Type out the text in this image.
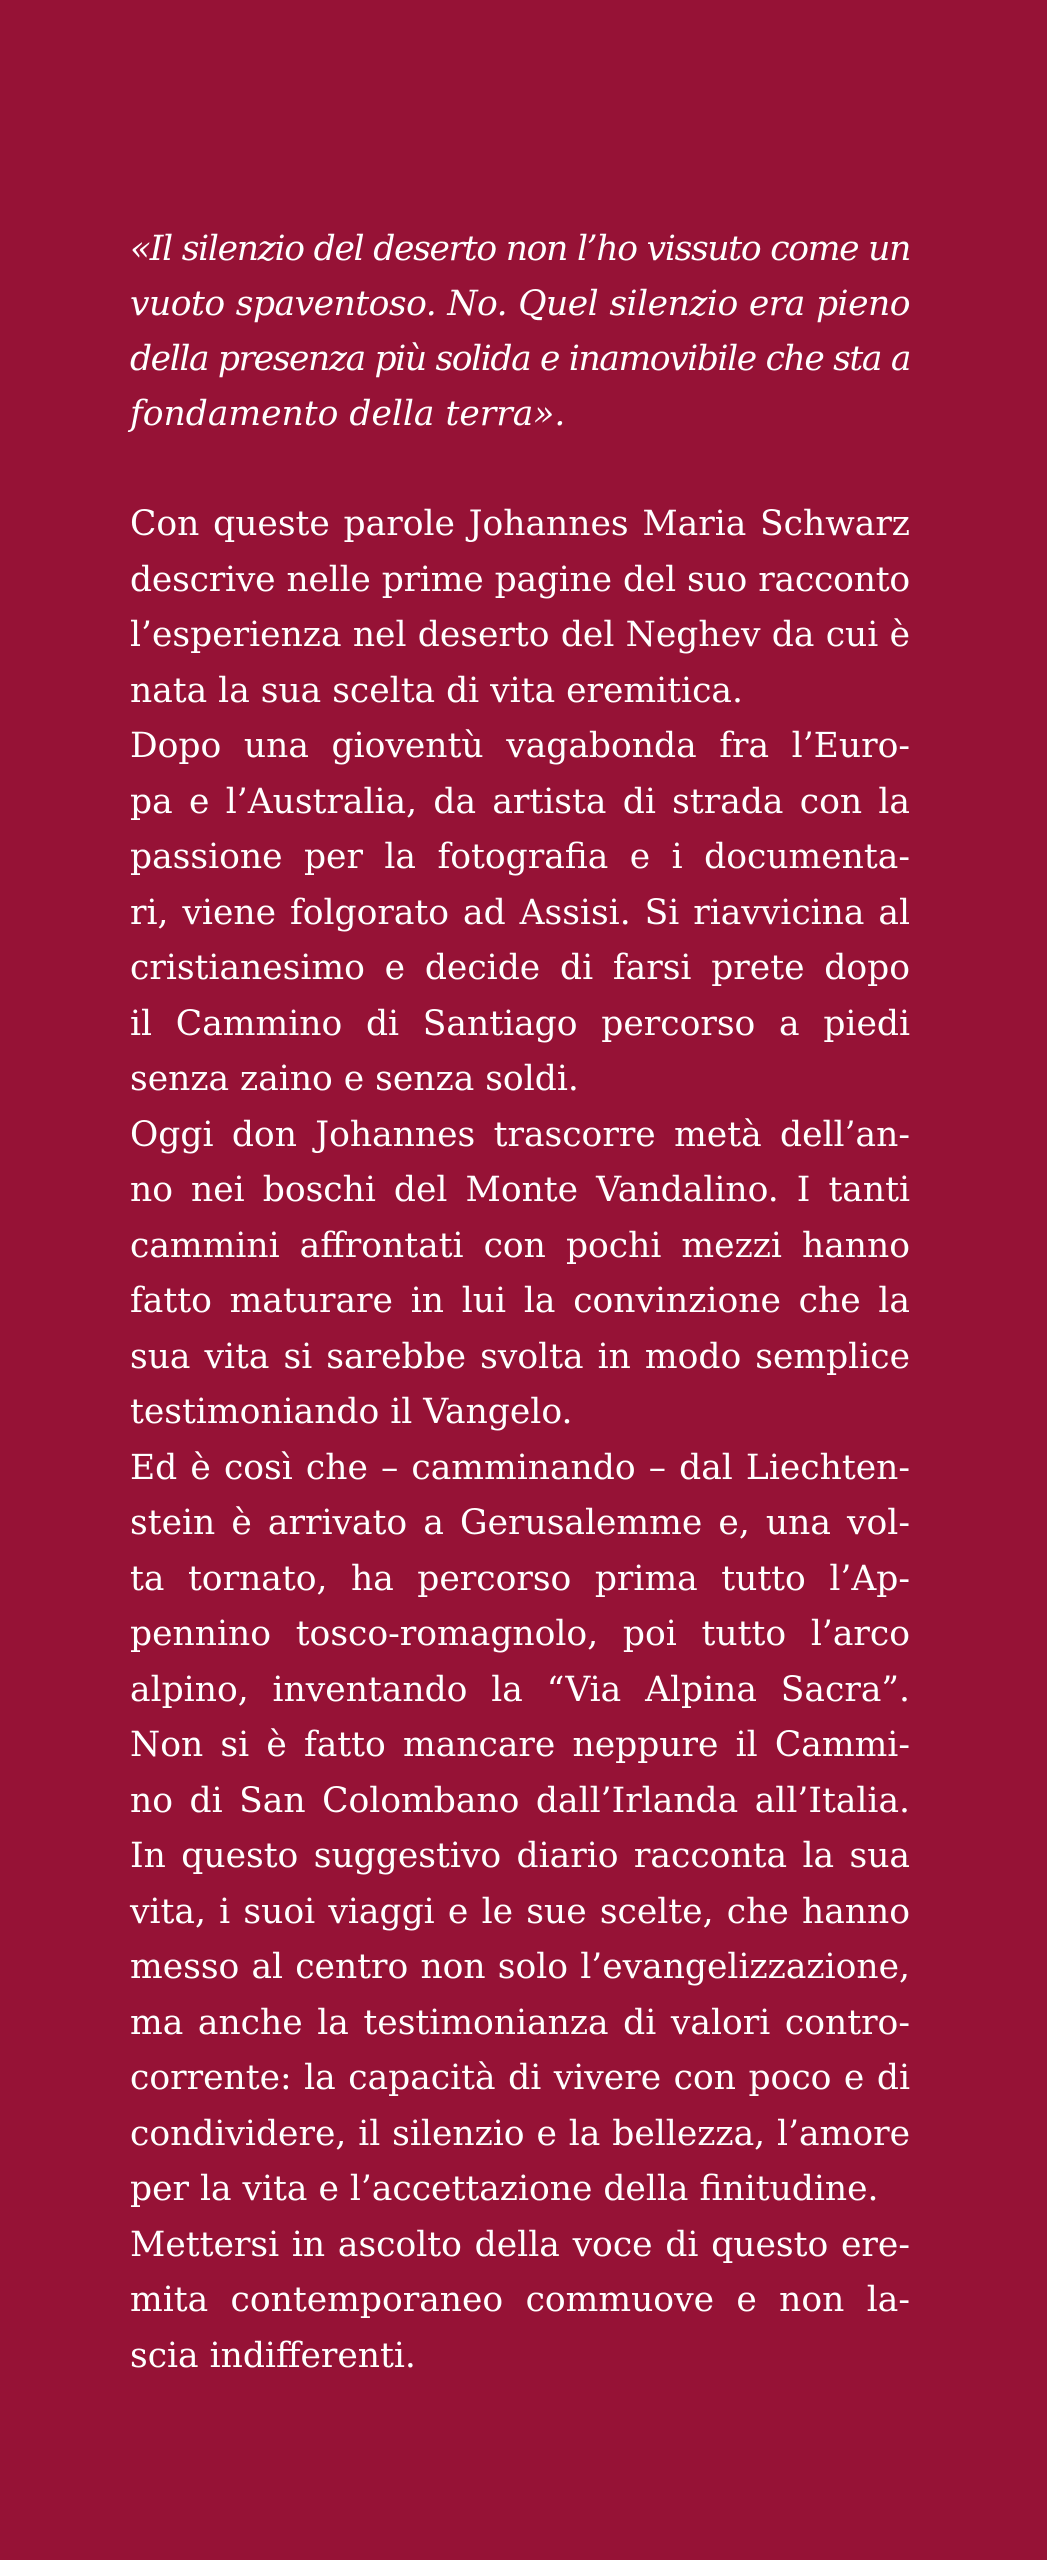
«Il silenzio del deserto non l’ho vissuto come un
vuoto spaventoso. No. Quel silenzio era pieno
della presenza più solida e inamovibile che sta a
fondamento della terra».

Con queste parole Johannes Maria Schwarz
descrive nelle prime pagine del suo racconto
l’esperienza nel deserto del Neghev da cui è
nata la sua scelta di vita eremitica.

Dopo una gioventù vagabonda fra l’Euro-
pa e l’Australia, da artista di strada con la
passione per la fotografia e i documenta-
ri, viene folgorato ad Assisi. Si riavvicina al
cristianesimo e decide di farsi prete dopo
il Cammino di Santiago percorso a piedi
senza zaino e senza soldi.

Oggi don Johannes trascorre metà dell’an-
no nei boschi del Monte Vandalino. I tanti
cammini affrontati con pochi mezzi hanno
fatto maturare in lui la convinzione che la
sua vita si sarebbe svolta in modo semplice
testimoniando il Vangelo.

Ed è così che – camminando – dal Liechten-
stein è arrivato a Gerusalemme e, una vol-
ta tornato, ha percorso prima tutto l’Ap-
pennino tosco-romagnolo, poi tutto l’arco
alpino, inventando la “Via Alpina Sacra”.
Non si è fatto mancare neppure il Cammi-
no di San Colombano dall’Irlanda all’Italia.
In questo suggestivo diario racconta la sua
vita, i suoi viaggi e le sue scelte, che hanno
messo al centro non solo l’evangelizzazione,
ma anche la testimonianza di valori contro-
corrente: la capacità di vivere con poco e di
condividere, il silenzio e la bellezza, l’amore
per la vita e l’accettazione della finitudine.

Mettersi in ascolto della voce di questo ere-
mita contemporaneo commuove e non la-
scia indifferenti.
